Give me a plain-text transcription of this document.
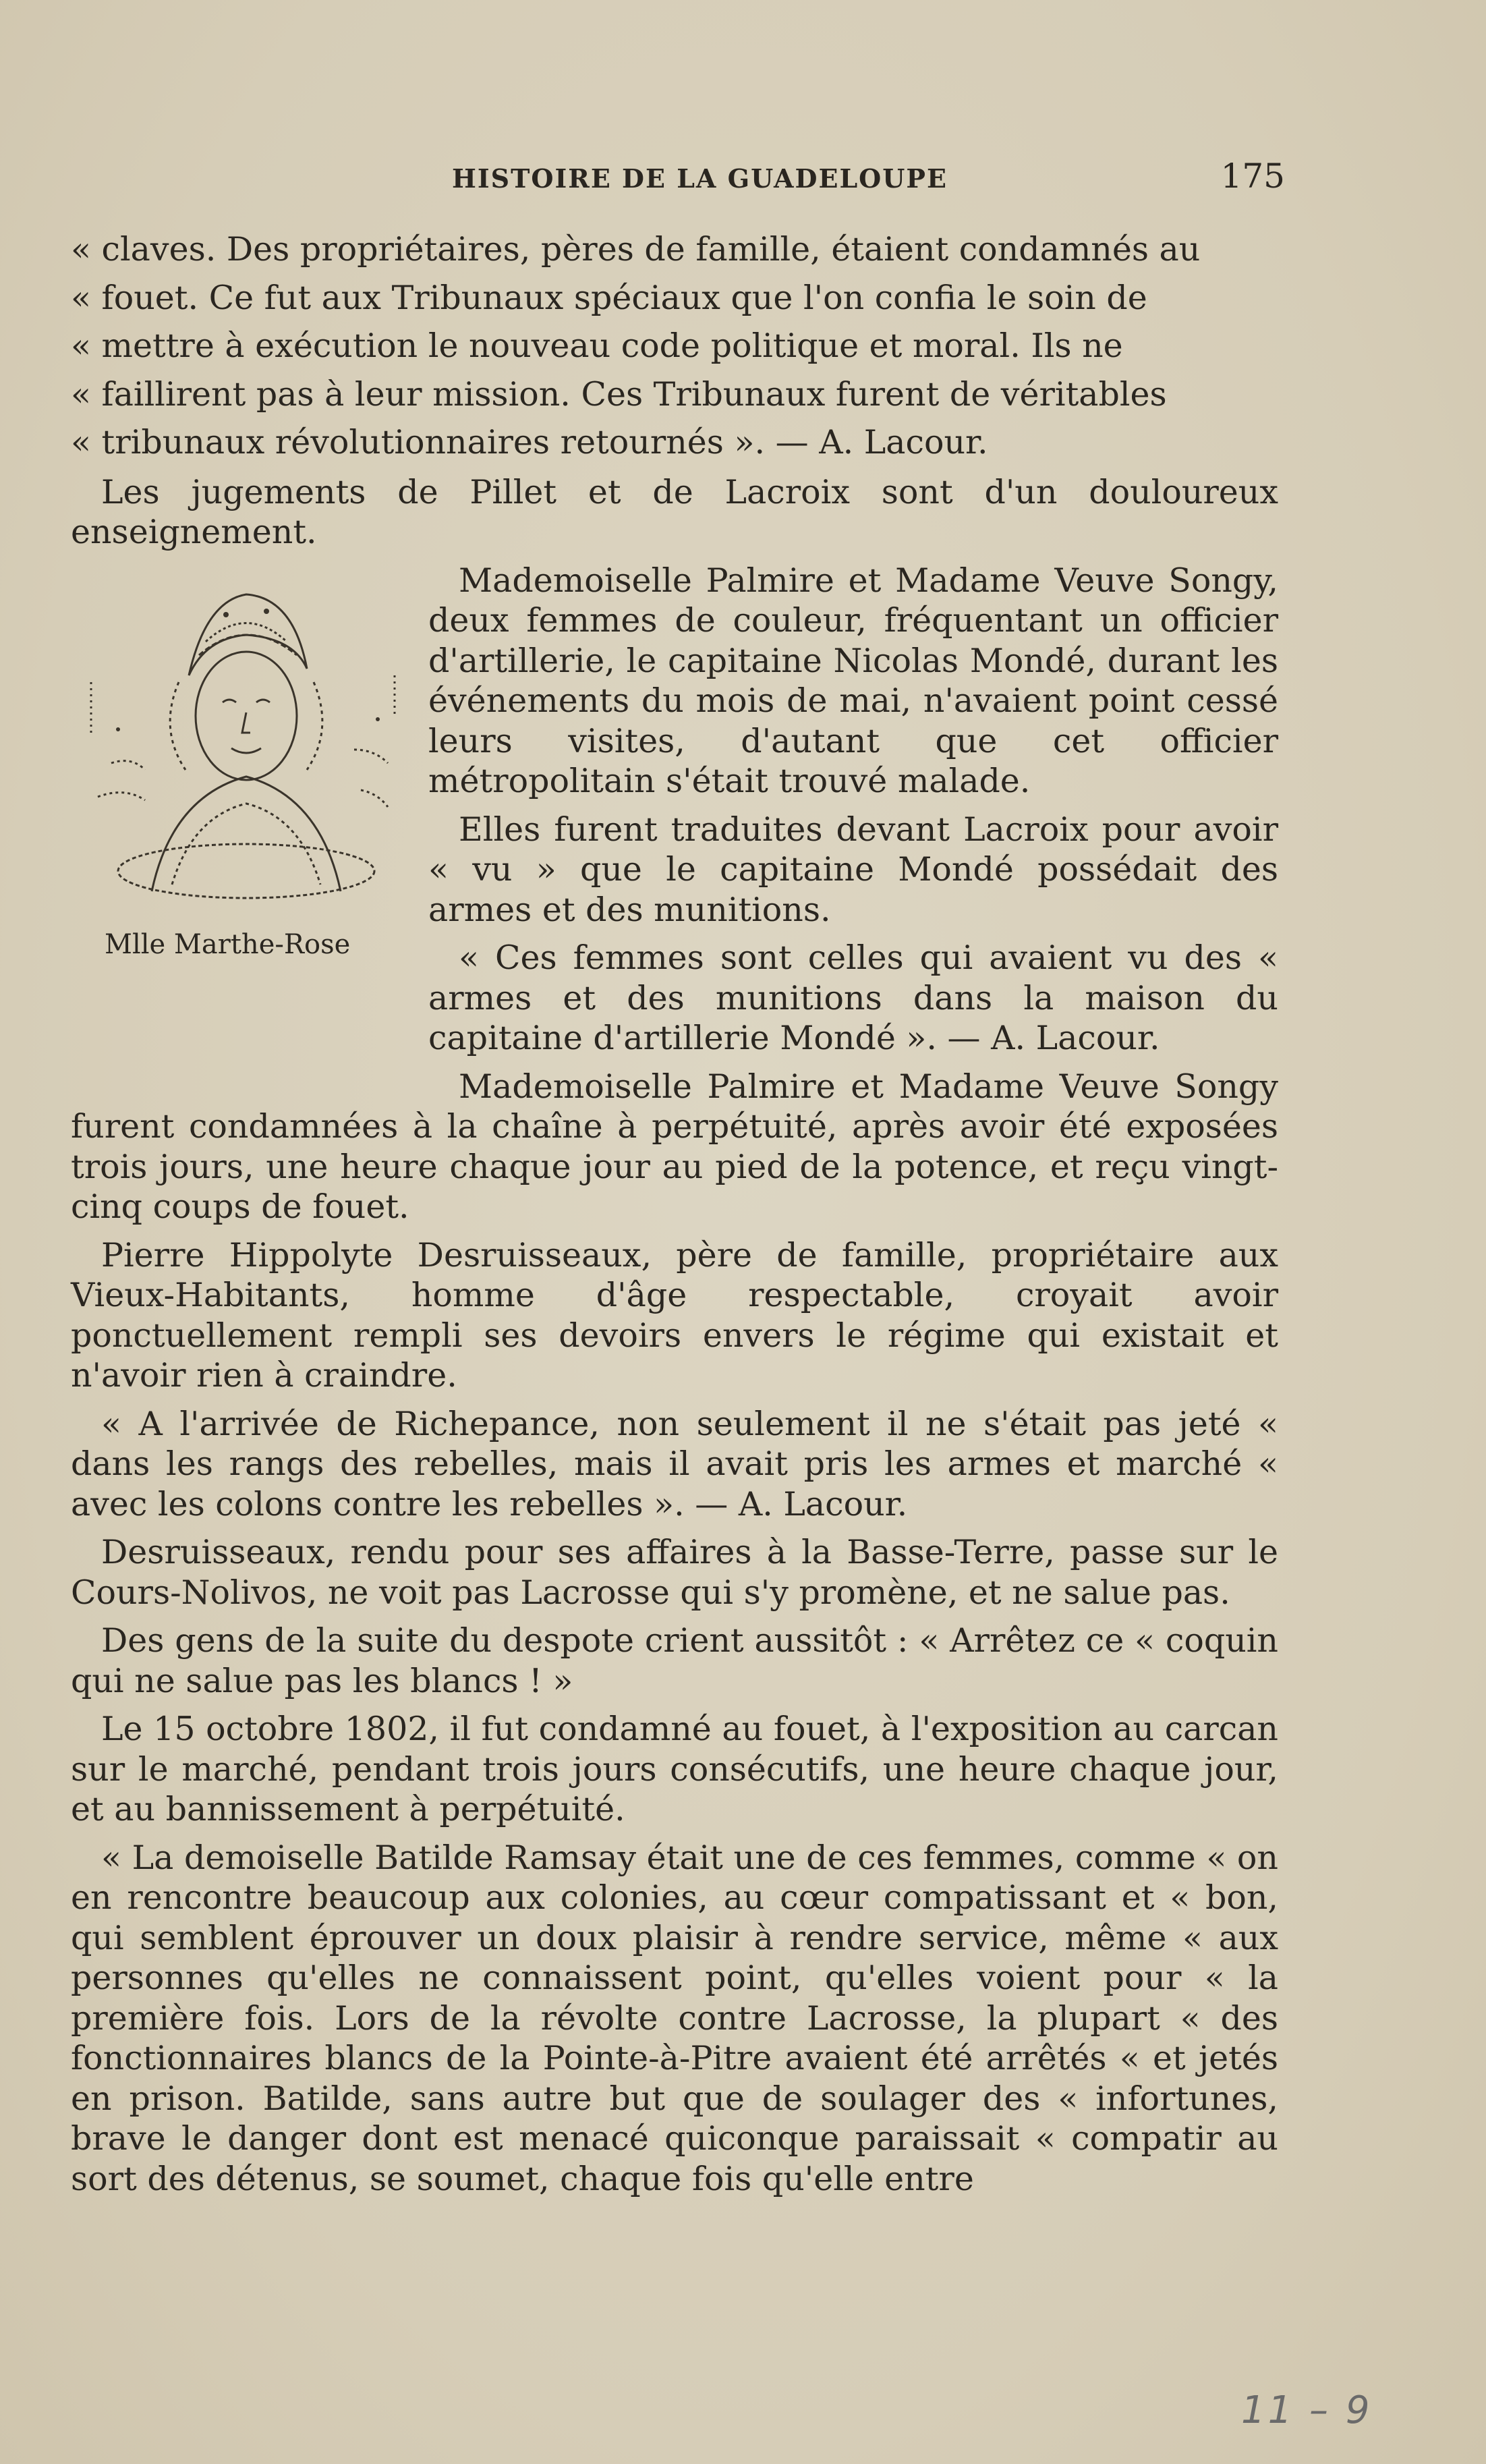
HISTOIRE DE LA GUADELOUPE	175

« claves. Des propriétaires, pères de famille, étaient condamnés au

« fouet. Ce fut aux Tribunaux spéciaux que l'on confia le soin de

« mettre à exécution le nouveau code politique et moral. Ils ne

« faillirent pas à leur mission. Ces Tribunaux furent de véritables

« tribunaux révolutionnaires retournés ». — A. Lacour.

Les jugements de Pillet et de Lacroix sont d'un douloureux enseignement.

Mlle Marthe-Rose

Mademoiselle Palmire et Madame Veuve Songy, deux femmes de couleur, fréquentant un officier d'artillerie, le capitaine Nicolas Mondé, durant les événements du mois de mai, n'avaient point cessé leurs visites, d'autant que cet officier métropolitain s'était trouvé malade.

Elles furent traduites devant Lacroix pour avoir « vu » que le capitaine Mondé possédait des armes et des munitions.

« Ces femmes sont celles qui avaient vu des « armes et des munitions dans la maison du capitaine d'artillerie Mondé ». — A. Lacour.

Mademoiselle Palmire et Madame Veuve Songy furent condamnées à la chaîne à perpétuité, après avoir été exposées trois jours, une heure chaque jour au pied de la potence, et reçu vingt-cinq coups de fouet.

Pierre Hippolyte Desruisseaux, père de famille, propriétaire aux Vieux-Habitants, homme d'âge respectable, croyait avoir ponctuellement rempli ses devoirs envers le régime qui existait et n'avoir rien à craindre.

« A l'arrivée de Richepance, non seulement il ne s'était pas jeté « dans les rangs des rebelles, mais il avait pris les armes et marché « avec les colons contre les rebelles ». — A. Lacour.

Desruisseaux, rendu pour ses affaires à la Basse-Terre, passe sur le Cours-Nolivos, ne voit pas Lacrosse qui s'y promène, et ne salue pas.

Des gens de la suite du despote crient aussitôt : « Arrêtez ce « coquin qui ne salue pas les blancs ! »

Le 15 octobre 1802, il fut condamné au fouet, à l'exposition au carcan sur le marché, pendant trois jours consécutifs, une heure chaque jour, et au bannissement à perpétuité.

« La demoiselle Batilde Ramsay était une de ces femmes, comme « on en rencontre beaucoup aux colonies, au cœur compatissant et « bon, qui semblent éprouver un doux plaisir à rendre service, même « aux personnes qu'elles ne connaissent point, qu'elles voient pour « la première fois. Lors de la révolte contre Lacrosse, la plupart « des fonctionnaires blancs de la Pointe-à-Pitre avaient été arrêtés « et jetés en prison. Batilde, sans autre but que de soulager des « infortunes, brave le danger dont est menacé quiconque paraissait « compatir au sort des détenus, se soumet, chaque fois qu'elle entre

11 – 9
